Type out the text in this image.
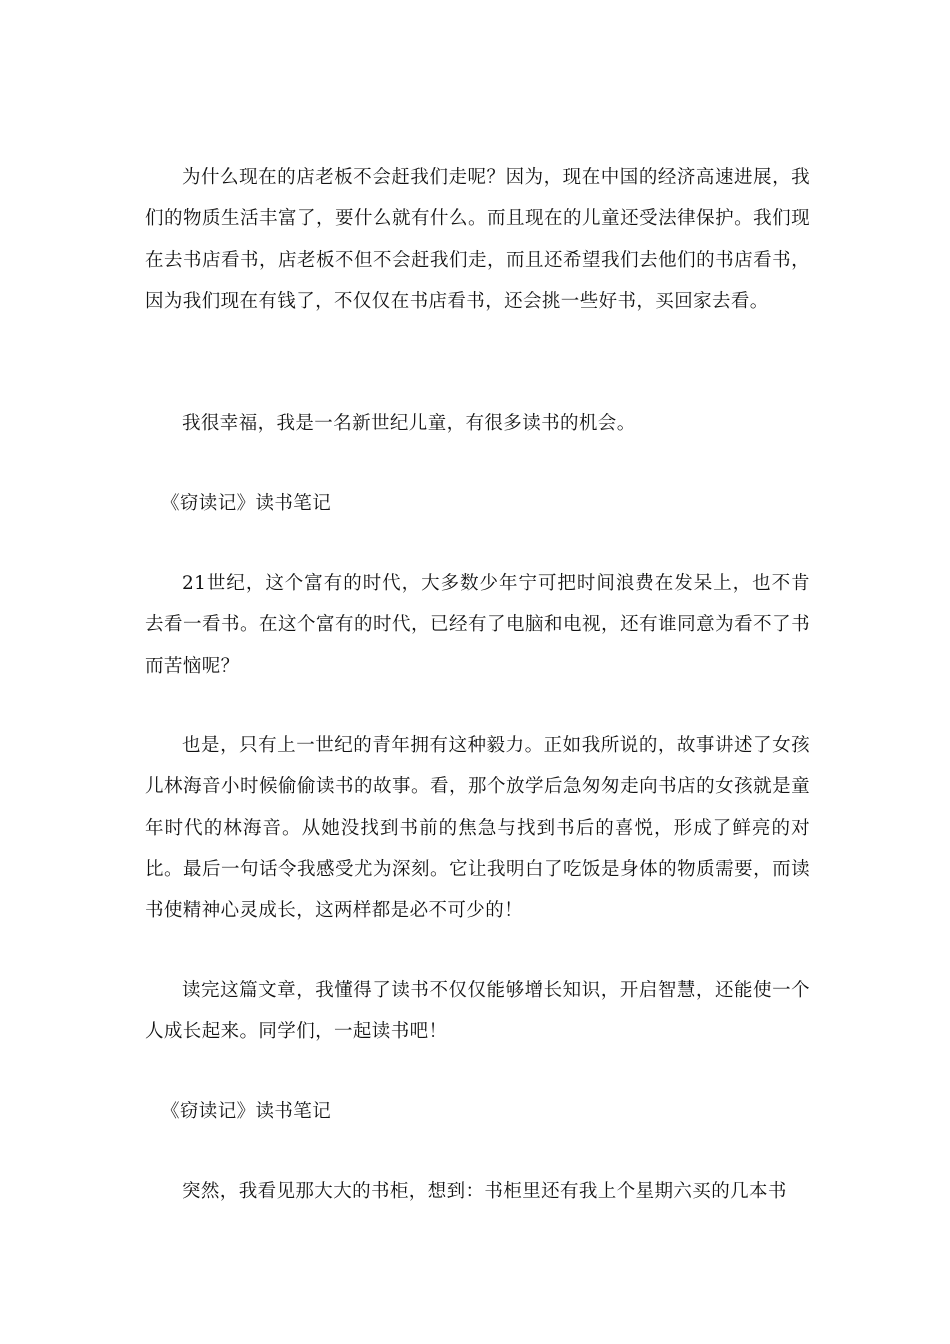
为什么现在的店老板不会赶我们走呢？因为，现在中国的经济高速进展，我们的物质生活丰富了，要什么就有什么。而且现在的儿童还受法律保护。我们现在去书店看书，店老板不但不会赶我们走，而且还希望我们去他们的书店看书，因为我们现在有钱了，不仅仅在书店看书，还会挑一些好书，买回家去看。

我很幸福，我是一名新世纪儿童，有很多读书的机会。

《窃读记》读书笔记

21世纪，这个富有的时代，大多数少年宁可把时间浪费在发呆上，也不肯去看一看书。在这个富有的时代，已经有了电脑和电视，还有谁同意为看不了书而苦恼呢？

也是，只有上一世纪的青年拥有这种毅力。正如我所说的，故事讲述了女孩儿林海音小时候偷偷读书的故事。看，那个放学后急匆匆走向书店的女孩就是童年时代的林海音。从她没找到书前的焦急与找到书后的喜悦，形成了鲜亮的对比。最后一句话令我感受尤为深刻。它让我明白了吃饭是身体的物质需要，而读书使精神心灵成长，这两样都是必不可少的！

读完这篇文章，我懂得了读书不仅仅能够增长知识，开启智慧，还能使一个人成长起来。同学们，一起读书吧！

《窃读记》读书笔记

突然，我看见那大大的书柜，想到：书柜里还有我上个星期六买的几本书
